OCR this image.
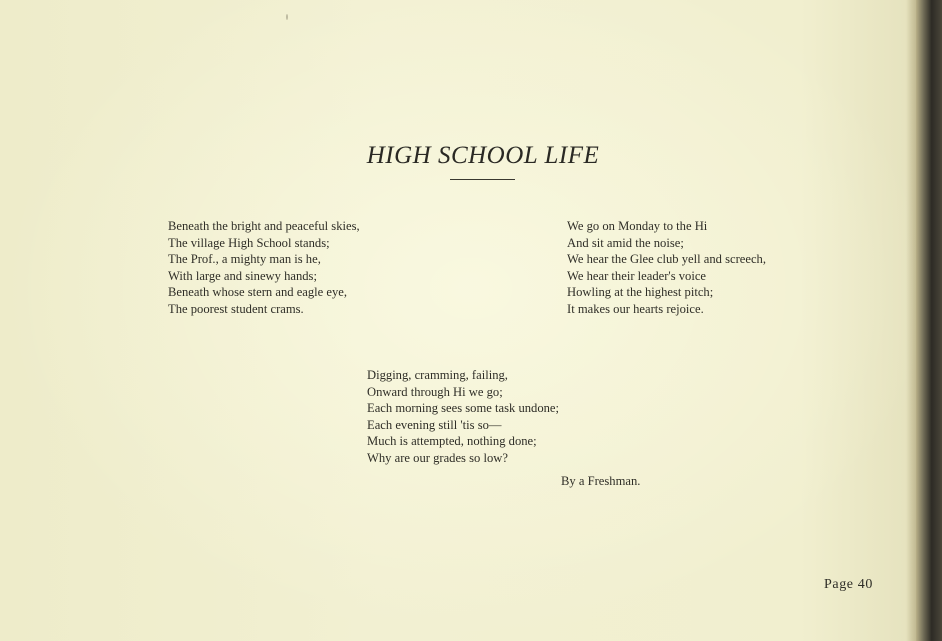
HIGH SCHOOL LIFE
Beneath the bright and peaceful skies,
The village High School stands;
The Prof., a mighty man is he,
With large and sinewy hands;
Beneath whose stern and eagle eye,
The poorest student crams.
We go on Monday to the Hi
And sit amid the noise;
We hear the Glee club yell and screech,
We hear their leader's voice
Howling at the highest pitch;
It makes our hearts rejoice.
Digging, cramming, failing,
Onward through Hi we go;
Each morning sees some task undone;
Each evening still 'tis so—
Much is attempted, nothing done;
Why are our grades so low?
By a Freshman.
Page 40
